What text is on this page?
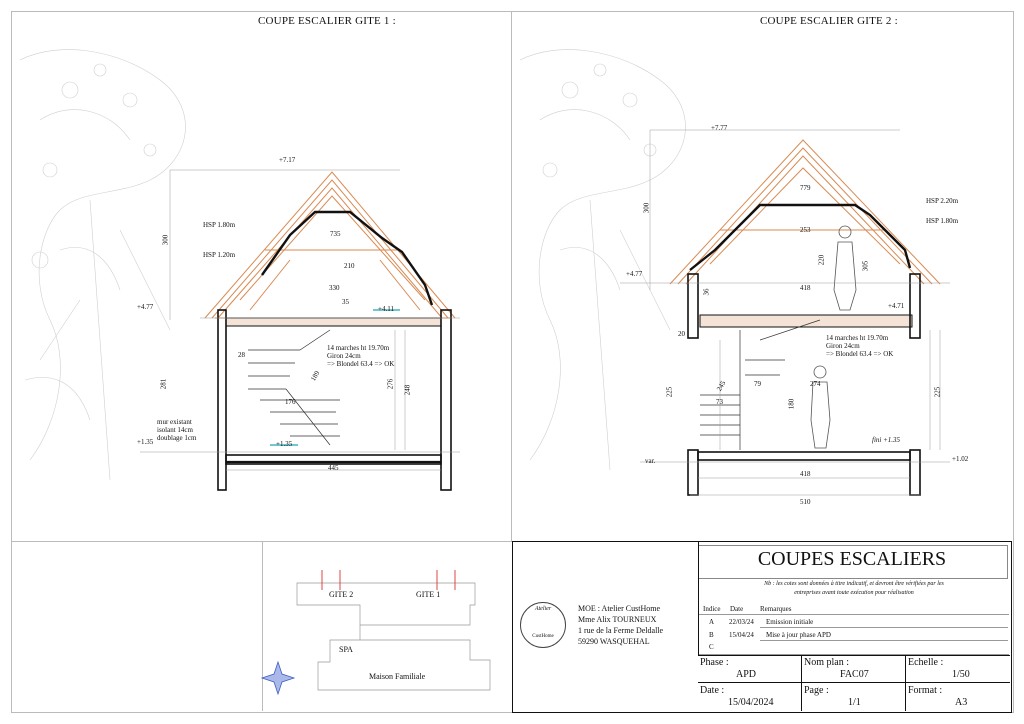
COUPE ESCALIER GITE 1 :	COUPE ESCALIER GITE 2 :
+7.17
HSP 1.80m
HSP 1.20m
300
735
210
330
35
+4.77	+4.11
14 marches ht 19.70m
Giron 24cm
=> Blondel 63.4 => OK
28
281
189
276
248
176
mur existant
isolant 14cm
doublage 1cm
+1.35	+1.35
445
+7.77
HSP 2.20m
HSP 1.80m
300
779
253
220
305
36	418
+4.77
+4.71
20	14 marches ht 19.70m
Giron 24cm
=> Blondel 63.4 => OK
245	79	274
225	225
73	180
fini +1.35
var.	+1.02
418
510
GITE 2	GITE 1
SPA
Maison Familiale
COUPES ESCALIERS
Nb : les cotes sont données à titre indicatif, et devront être vérifiées par les
entreprises avant toute exécution pour réalisation
Atelier
CustHome
MOE : Atelier CustHome
Mme Alix TOURNEUX
1 rue de la Ferme Deldalle
59290 WASQUEHAL
Indice Date Remarques
A 22/03/24 Emission initiale
B 15/04/24 Mise à jour phase APD
C
Phase :
APD
Nom plan :
FAC07
Echelle :
1/50
Date :
15/04/2024
Page :
1/1
Format :
A3
